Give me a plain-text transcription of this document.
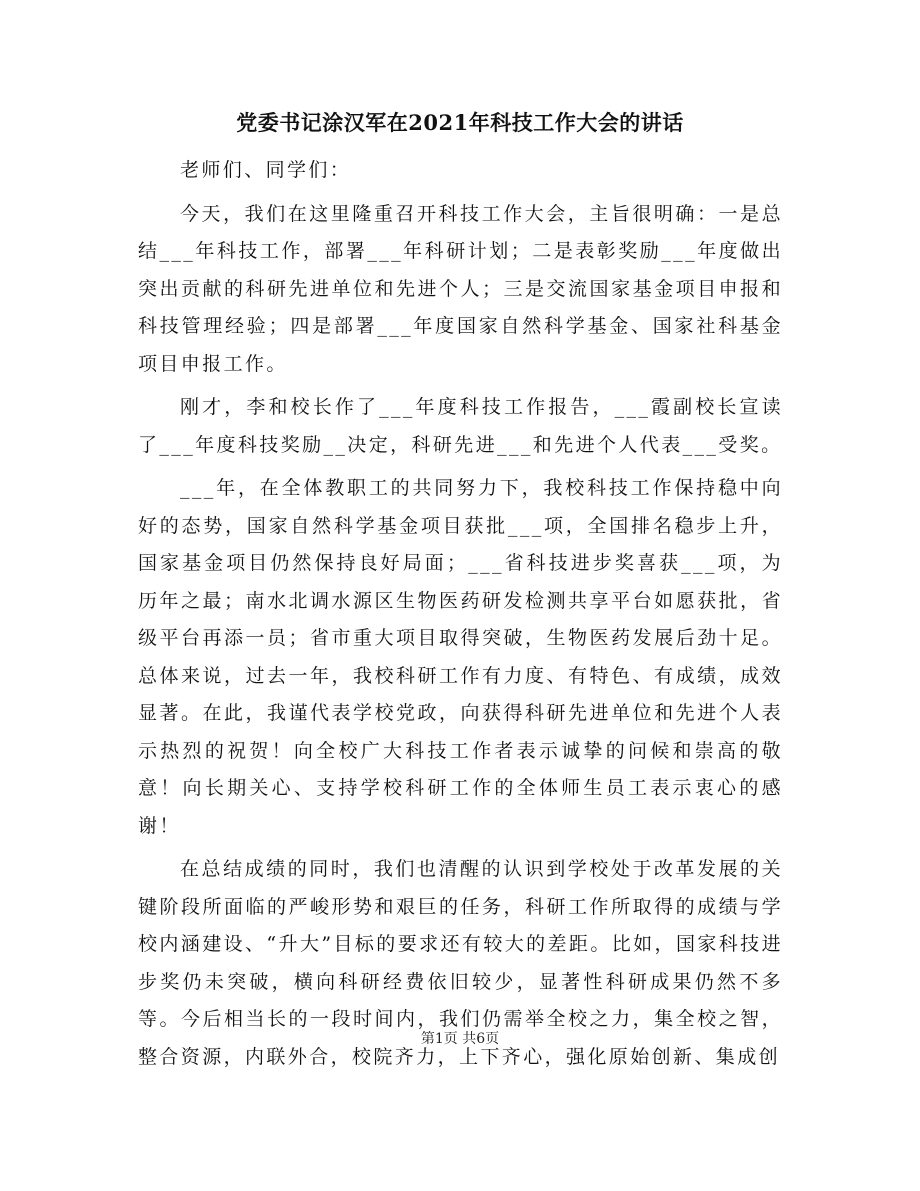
党委书记涂汉军在2021年科技工作大会的讲话

老师们、同学们：

今天，我们在这里隆重召开科技工作大会，主旨很明确：一是总结___年科技工作，部署___年科研计划；二是表彰奖励___年度做出突出贡献的科研先进单位和先进个人；三是交流国家基金项目申报和科技管理经验；四是部署___年度国家自然科学基金、国家社科基金项目申报工作。

刚才，李和校长作了___年度科技工作报告，___霞副校长宣读了___年度科技奖励__决定，科研先进___和先进个人代表___受奖。

___年，在全体教职工的共同努力下，我校科技工作保持稳中向好的态势，国家自然科学基金项目获批___项，全国排名稳步上升，国家基金项目仍然保持良好局面；___省科技进步奖喜获___项，为历年之最；南水北调水源区生物医药研发检测共享平台如愿获批，省级平台再添一员；省市重大项目取得突破，生物医药发展后劲十足。总体来说，过去一年，我校科研工作有力度、有特色、有成绩，成效显著。在此，我谨代表学校党政，向获得科研先进单位和先进个人表示热烈的祝贺！向全校广大科技工作者表示诚挚的问候和崇高的敬意！向长期关心、支持学校科研工作的全体师生员工表示衷心的感谢！

在总结成绩的同时，我们也清醒的认识到学校处于改革发展的关键阶段所面临的严峻形势和艰巨的任务，科研工作所取得的成绩与学校内涵建设、“升大”目标的要求还有较大的差距。比如，国家科技进步奖仍未突破，横向科研经费依旧较少，显著性科研成果仍然不多等。今后相当长的一段时间内，我们仍需举全校之力，集全校之智，整合资源，内联外合，校院齐力，上下齐心，强化原始创新、集成创

第1页 共6页
